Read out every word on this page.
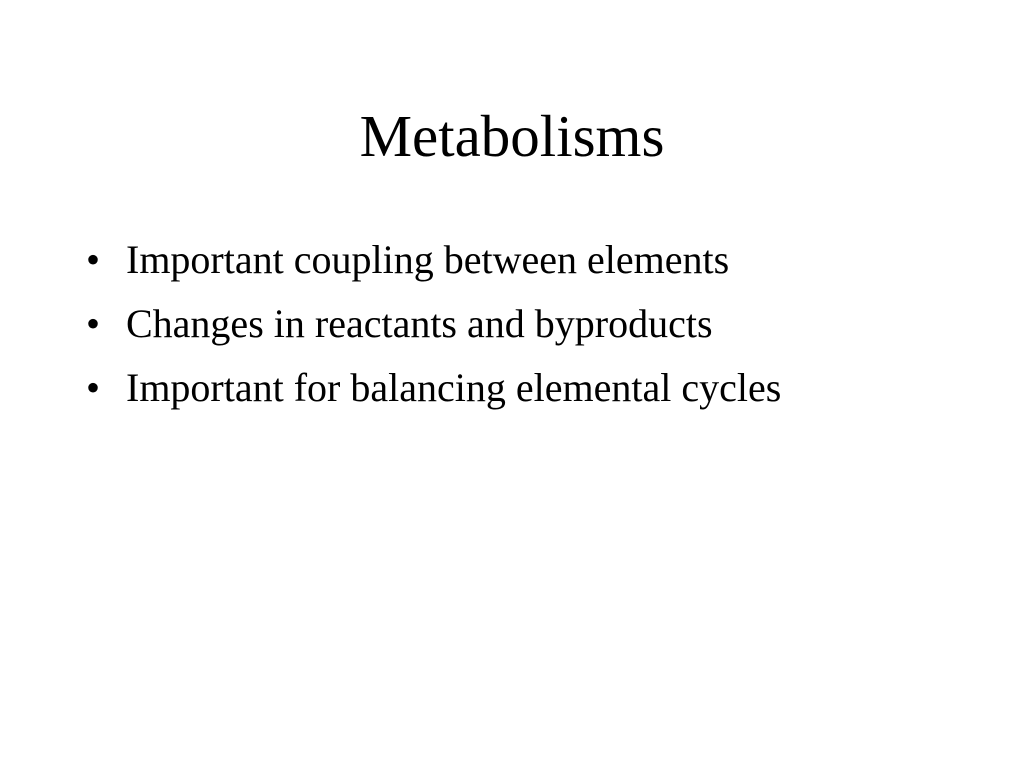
Metabolisms
• Important coupling between elements
• Changes in reactants and byproducts
• Important for balancing elemental cycles
